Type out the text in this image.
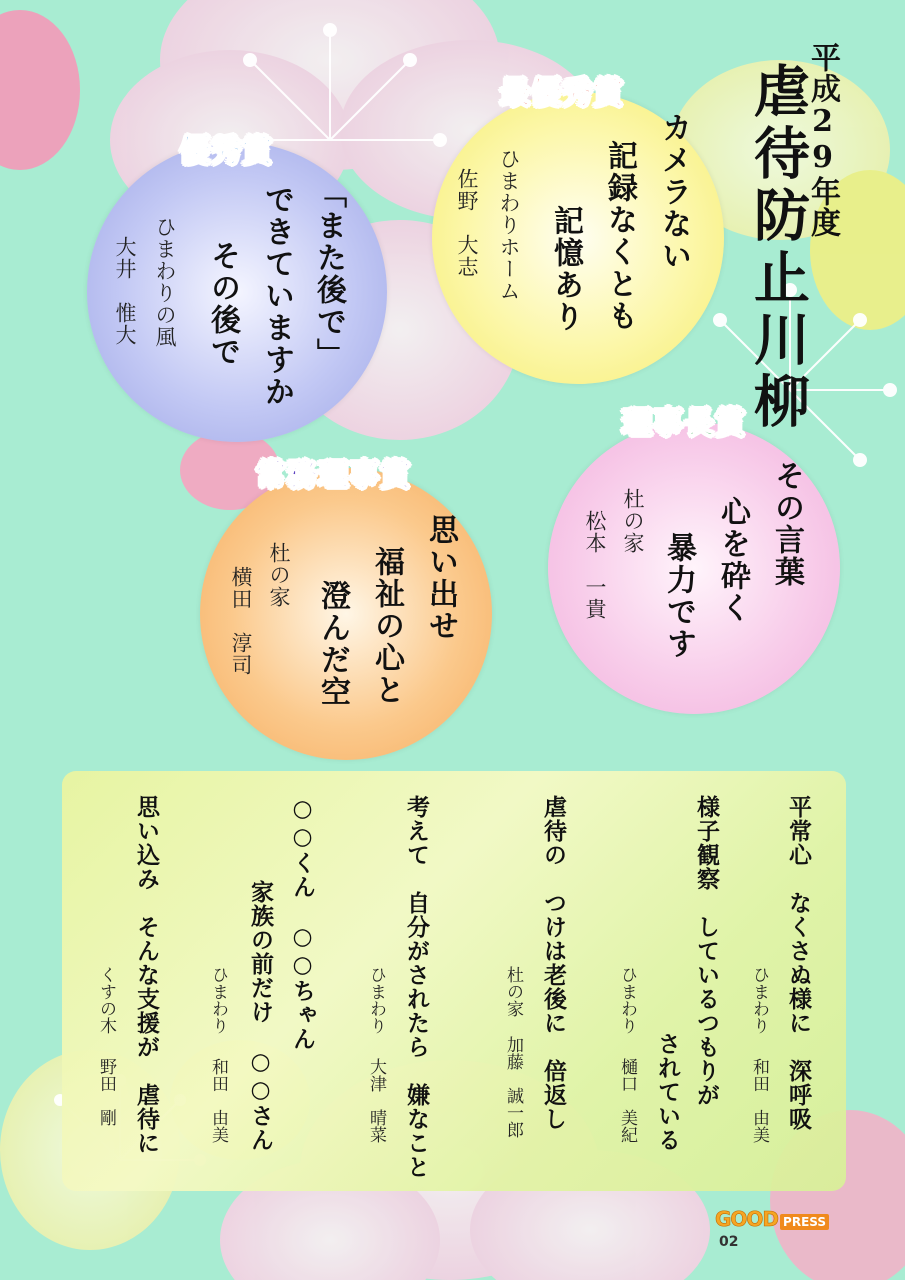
平成29年度
虐待防止川柳
最優秀賞
カメラない
記録なくとも
記憶あり
ひまわりホーム
佐野　大志
優秀賞
「また後で」
できていますか
その後で
ひまわりの風
大井　惟大
理事長賞
その言葉
心を砕く
暴力です
杜の家
松本　一貴
常務理事賞
思い出せ
福祉の心と
澄んだ空
杜の家
横田　淳司
平常心　なくさぬ様に　深呼吸
ひまわり
和田　由美
様子観察　しているつもりが
されている
ひまわり
樋口　美紀
虐待の　つけは老後に　倍返し
杜の家
加藤　誠一郎
考えて　自分がされたら　嫌なこと
ひまわり
大津　晴菜
○○くん　○○ちゃん
家族の前だけ　○○さん
ひまわり
和田　由美
思い込み　そんな支援が　虐待に
くすの木
野田　剛
GOOD PRESS 02
